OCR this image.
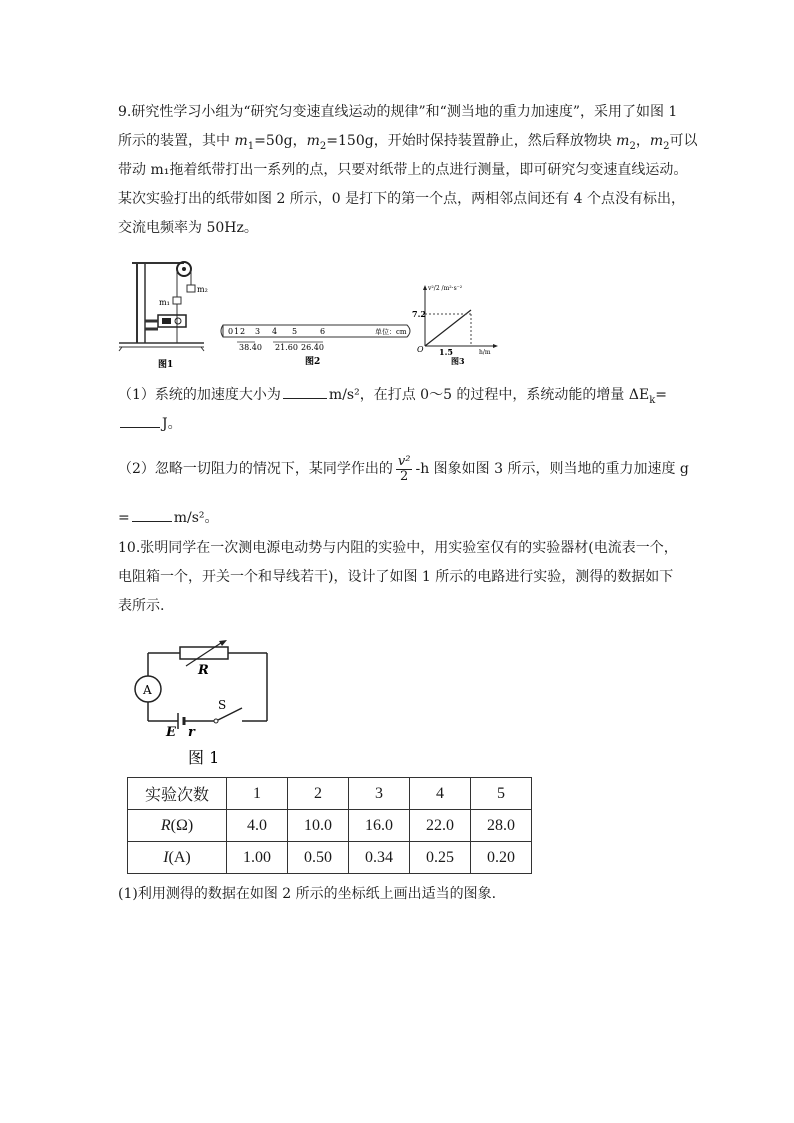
9.研究性学习小组为“研究匀变速直线运动的规律”和“测当地的重力加速度”，采用了如图 1
所示的装置，其中 $m_1=50g$，$m_2=150g$，开始时保持装置静止，然后释放物块 $m_2$，$m_2$可以
带动 m₁拖着纸带打出一系列的点，只要对纸带上的点进行测量，即可研究匀变速直线运动。
某次实验打出的纸带如图 2 所示，0 是打下的第一个点，两相邻点间还有 4 个点没有标出，
交流电频率为 50Hz。
m₂
m₁
图1
0 1 2 3 4 5	6	单位：cm
38.40 21.60 26.40
图2
v²/2 /m²·s⁻²
7.2
O 1.5	h/m
图3
（1）系统的加速度大小为	m/s²，在打点 0～5 的过程中，系统动能的增量 $\Delta E_k=$
J。
（2）忽略一切阻力的情况下，某同学作出的 $\frac{\text{v²}}{2} -h$ 图象如图 3 所示，则当地的重力加速度 g
=	m/s²。
10.张明同学在一次测电源电动势与内阻的实验中，用实验室仅有的实验器材(电流表一个，
电阻箱一个，开关一个和导线若干)，设计了如图 1 所示的电路进行实验，测得的数据如下
表所示.
R
A
S
E r
图 1
实验次数	1	2	3	4	5
R(Ω)	4.0	10.0	16.0	22.0	28.0
I(A)	1.00	0.50	0.34	0.25	0.20
(1)利用测得的数据在如图 2 所示的坐标纸上画出适当的图象.
